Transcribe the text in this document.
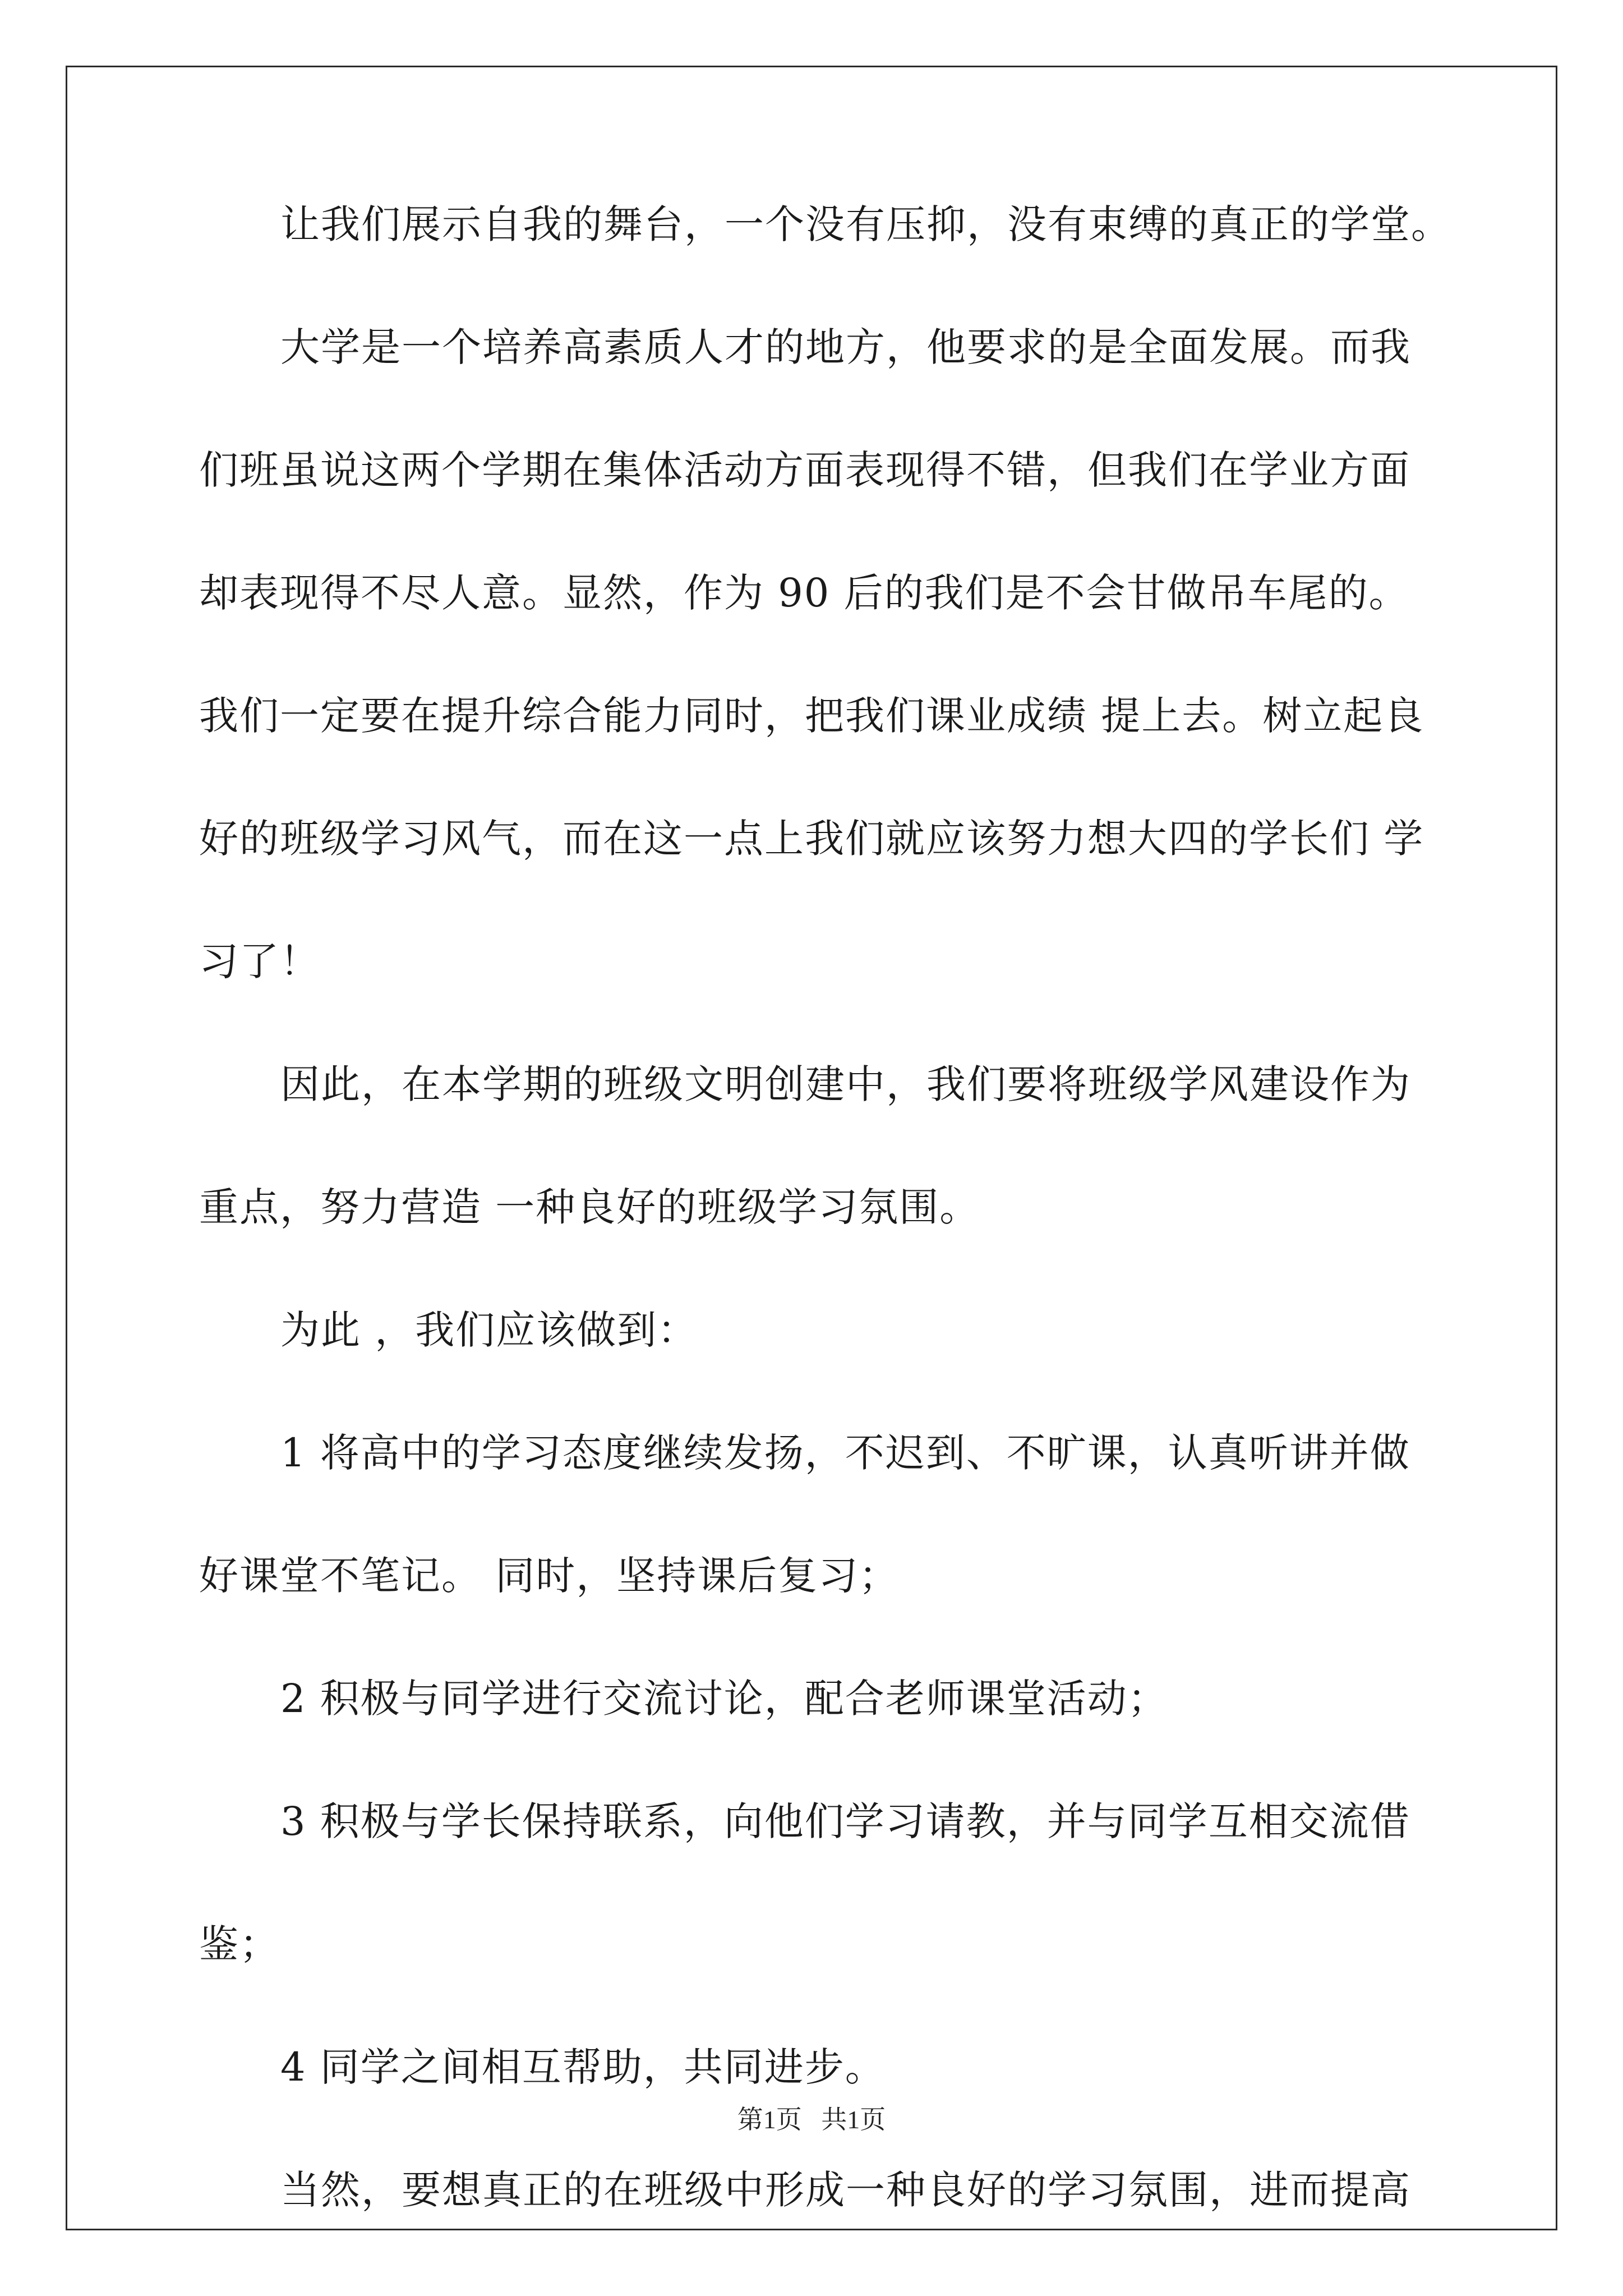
让我们展示自我的舞台，一个没有压抑，没有束缚的真正的学堂。
大学是一个培养高素质人才的地方，他要求的是全面发展。而我
们班虽说这两个学期在集体活动方面表现得不错，但我们在学业方面
却表现得不尽人意。显然，作为 90 后的我们是不会甘做吊车尾的。
我们一定要在提升综合能力同时，把我们课业成绩 提上去。树立起良
好的班级学习风气，而在这一点上我们就应该努力想大四的学长们 学
习了！
因此，在本学期的班级文明创建中，我们要将班级学风建设作为
重点，努力营造 一种良好的班级学习氛围。
为此 ，我们应该做到：
1 将高中的学习态度继续发扬，不迟到、不旷课，认真听讲并做
好课堂不笔记。 同时，坚持课后复习；
2 积极与同学进行交流讨论，配合老师课堂活动；
3 积极与学长保持联系，向他们学习请教，并与同学互相交流借
鉴；
4 同学之间相互帮助，共同进步。
当然，要想真正的在班级中形成一种良好的学习氛围，进而提高
第1页 共1页
